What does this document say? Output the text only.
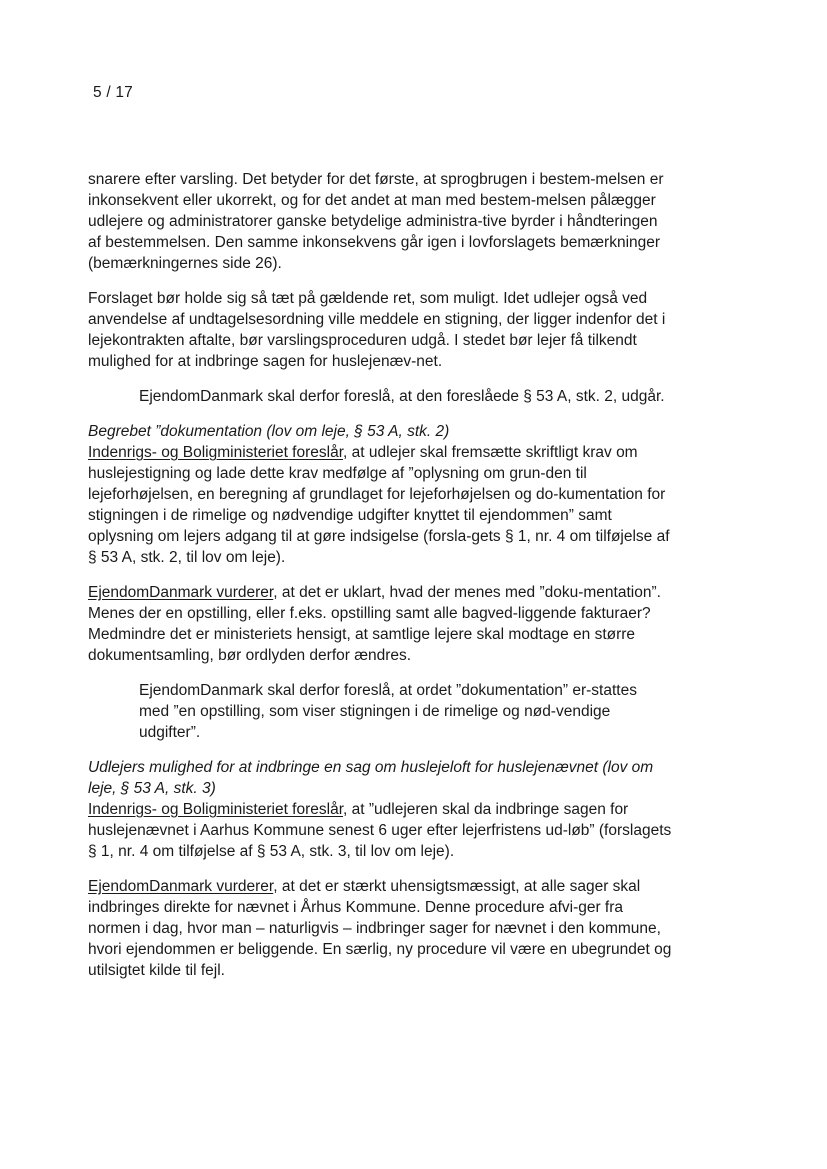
5 / 17

snarere efter varsling. Det betyder for det første, at sprogbrugen i bestem-melsen er inkonsekvent eller ukorrekt, og for det andet at man med bestem-melsen pålægger udlejere og administratorer ganske betydelige administra-tive byrder i håndteringen af bestemmelsen. Den samme inkonsekvens går igen i lovforslagets bemærkninger (bemærkningernes side 26).

Forslaget bør holde sig så tæt på gældende ret, som muligt. Idet udlejer også ved anvendelse af undtagelsesordning ville meddele en stigning, der ligger indenfor det i lejekontrakten aftalte, bør varslingsproceduren udgå. I stedet bør lejer få tilkendt mulighed for at indbringe sagen for huslejenæv-net.

EjendomDanmark skal derfor foreslå, at den foreslåede § 53 A, stk. 2, udgår.

Begrebet ”dokumentation (lov om leje, § 53 A, stk. 2)

Indenrigs- og Boligministeriet foreslår, at udlejer skal fremsætte skriftligt krav om huslejestigning og lade dette krav medfølge af ”oplysning om grun-den til lejeforhøjelsen, en beregning af grundlaget for lejeforhøjelsen og do-kumentation for stigningen i de rimelige og nødvendige udgifter knyttet til ejendommen” samt oplysning om lejers adgang til at gøre indsigelse (forsla-gets § 1, nr. 4 om tilføjelse af § 53 A, stk. 2, til lov om leje).

EjendomDanmark vurderer, at det er uklart, hvad der menes med ”doku-mentation”. Menes der en opstilling, eller f.eks. opstilling samt alle bagved-liggende fakturaer? Medmindre det er ministeriets hensigt, at samtlige lejere skal modtage en større dokumentsamling, bør ordlyden derfor ændres.

EjendomDanmark skal derfor foreslå, at ordet ”dokumentation” er-stattes med ”en opstilling, som viser stigningen i de rimelige og nød-vendige udgifter”.

Udlejers mulighed for at indbringe en sag om huslejeloft for huslejenævnet (lov om leje, § 53 A, stk. 3)

Indenrigs- og Boligministeriet foreslår, at ”udlejeren skal da indbringe sagen for huslejenævnet i Aarhus Kommune senest 6 uger efter lejerfristens ud-løb” (forslagets § 1, nr. 4 om tilføjelse af § 53 A, stk. 3, til lov om leje).

EjendomDanmark vurderer, at det er stærkt uhensigtsmæssigt, at alle sager skal indbringes direkte for nævnet i Århus Kommune. Denne procedure afvi-ger fra normen i dag, hvor man – naturligvis – indbringer sager for nævnet i den kommune, hvori ejendommen er beliggende. En særlig, ny procedure vil være en ubegrundet og utilsigtet kilde til fejl.
